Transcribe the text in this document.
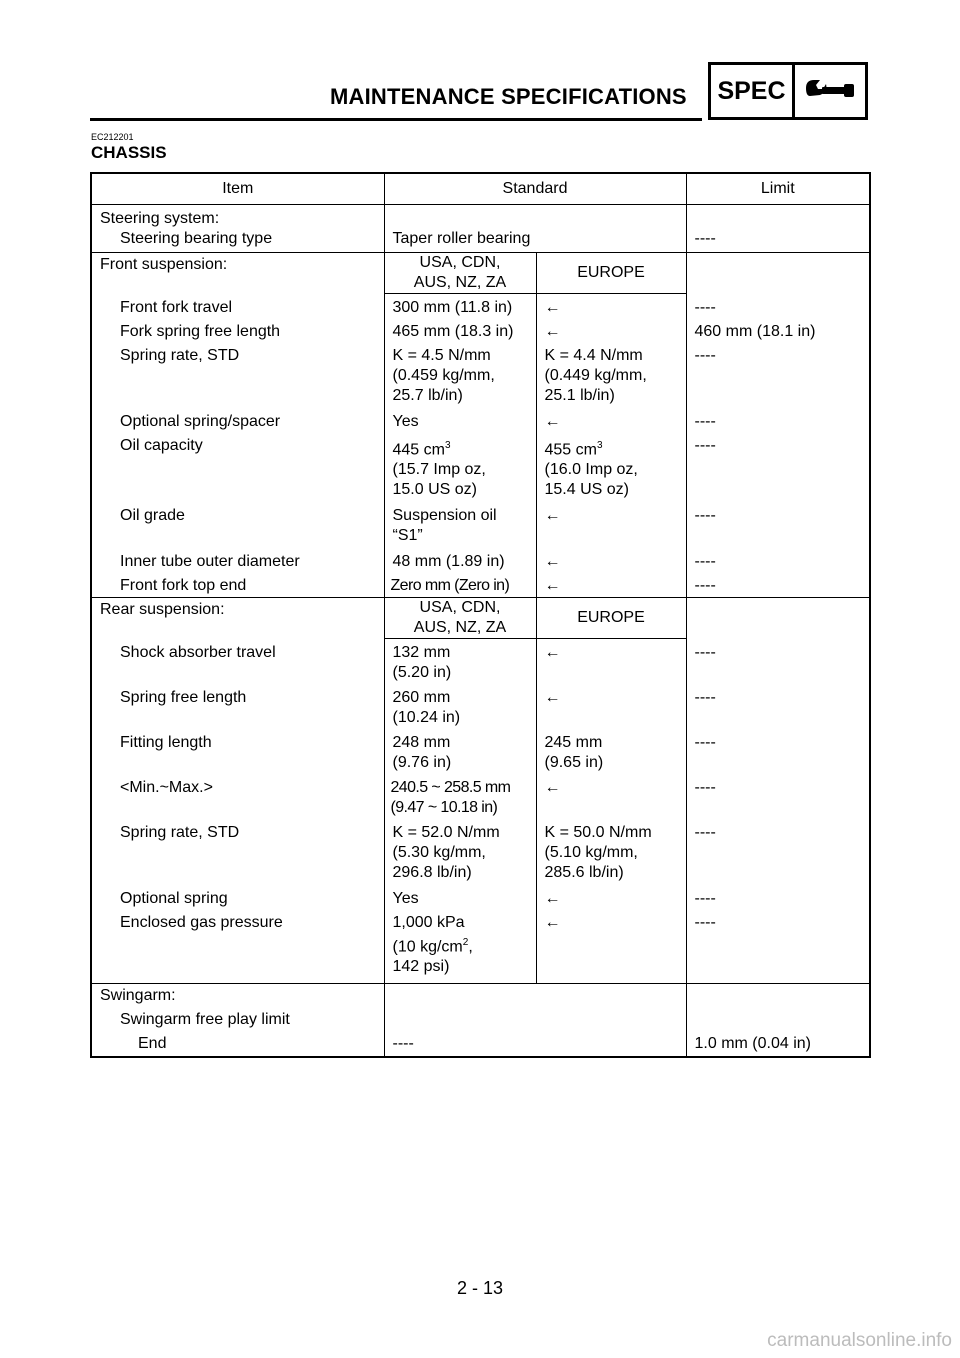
MAINTENANCE SPECIFICATIONS SPEC
EC212201
CHASSIS
Item	Standard		Limit

Steering system:			
Steering bearing type	Taper roller bearing		----

Front suspension:	USA, CDN,
AUS, NZ, ZA	EUROPE	

Front fork travel	300 mm (11.8 in)	←	----

Fork spring free length	465 mm (18.3 in)	←	460 mm (18.1 in)

Spring rate, STD	K = 4.5 N/mm
(0.459 kg/mm,
25.7 lb/in)	K = 4.4 N/mm
(0.449 kg/mm,
25.1 lb/in)	----

Optional spring/spacer	Yes	←	----

Oil capacity	445 $cm^3$
(15.7 Imp oz,
15.0 US oz)	455 $cm^3$
(16.0 Imp oz,
15.4 US oz)	----

Oil grade	Suspension oil
“S1”	←	----

Inner tube outer diameter	48 mm (1.89 in)	←	----

Front fork top end	Zero mm (Zero in)	←	----

Rear suspension:	USA, CDN,
AUS, NZ, ZA	EUROPE	

Shock absorber travel	132 mm
(5.20 in)	←	----

Spring free length	260 mm
(10.24 in)	←	----

Fitting length	248 mm
(9.76 in)	245 mm
(9.65 in)	----

<Min.~Max.>	240.5 ~ 258.5 mm
(9.47 ~ 10.18 in)	←	----

Spring rate, STD	K = 52.0 N/mm
(5.30 kg/mm,
296.8 lb/in)	K = 50.0 N/mm
(5.10 kg/mm,
285.6 lb/in)	----

Optional spring	Yes	←	----

Enclosed gas pressure	1,000 kPa
(10 $kg/cm^2$,
142 psi)	←	----

Swingarm:			

Swingarm free play limit			

End	----		1.0 mm (0.04 in)

2 - 13
carmanualsonline.info
